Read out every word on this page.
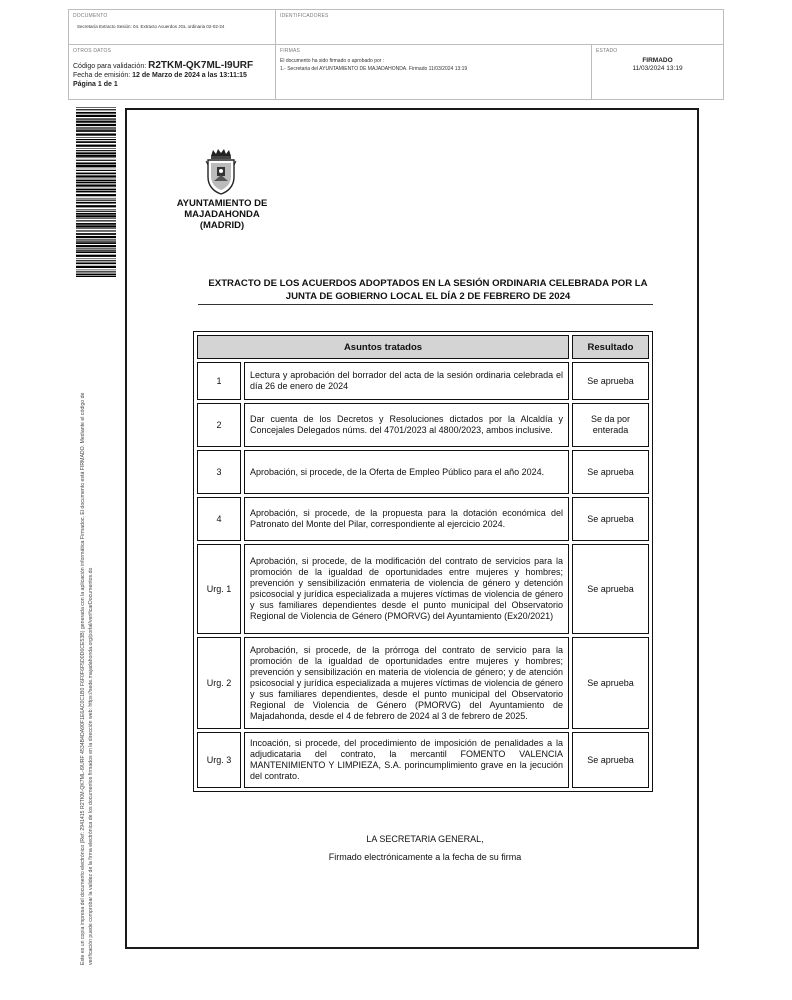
DOCUMENTO
Secretaría Extracto Sesión: 04. Extracto Acuerdos JGL ordinaria 02-02-24
IDENTIFICADORES
OTROS DATOS
Código para validación: R2TKM-QK7ML-I9URF
Fecha de emisión: 12 de Marzo de 2024 a las 13:11:15
Página 1 de 1
FIRMAS
El documento ha sido firmado o aprobado por :
1.- Secretaria del AYUNTAMIENTO DE MAJADAHONDA. Firmado 11/03/2024 13:19
ESTADO
FIRMADO
11/03/2024 13:19
Este es un copia impresa del documento electrónico (Ref: 2941415 R2TKM-QK7ML-I9URF 4534B4DA90F1E6AC0C1B0 F6F0F6F5D0D6CE53B) generada con la aplicación informática Firmadoc. El documento está FIRMADO. Mediante el código de verificación puede comprobar la validez de la firma electrónica de los documentos firmados en la dirección web: https://sede.majadahonda.org/portal/verificarDocumentos.do
AYUNTAMIENTO DE
MAJADAHONDA
(MADRID)
EXTRACTO DE LOS ACUERDOS ADOPTADOS EN LA SESIÓN ORDINARIA CELEBRADA POR LA
JUNTA DE GOBIERNO LOCAL EL DÍA 2 DE FEBRERO DE 2024
Asuntos tratados		Resultado
1	Lectura y aprobación del borrador del acta de la sesión ordinaria celebrada el día 26 de enero de 2024	Se aprueba
2	Dar cuenta de los Decretos y Resoluciones dictados por la Alcaldía y Concejales Delegados núms. del 4701/2023 al 4800/2023, ambos inclusive.	Se da por enterada
3	Aprobación, si procede, de la Oferta de Empleo Público para el año 2024.	Se aprueba
4	Aprobación, si procede, de la propuesta para la dotación económica del Patronato del Monte del Pilar, correspondiente al ejercicio 2024.	Se aprueba
Urg. 1	Aprobación, si procede, de la modificación del contrato de servicios para la promoción de la igualdad de oportunidades entre mujeres y hombres; prevención y sensibilización enmateria de violencia de género y detención psicosocial y jurídica especializada a mujeres víctimas de violencia de género y sus familiares dependientes desde el punto municipal del Observatorio Regional de Violencia de Género (PMORVG) del Ayuntamiento (Ex20/2021)	Se aprueba
Urg. 2	Aprobación, si procede, de la prórroga del contrato de servicio para la promoción de la igualdad de oportunidades entre mujeres y hombres; prevención y sensibilización en materia de violencia de género; y de atención psicosocial y jurídica especializada a mujeres víctimas de violencia de género y sus familiares dependientes, desde el punto municipal del Observatorio Regional de Violencia de Género (PMORVG) del Ayuntamiento de Majadahonda, desde el 4 de febrero de 2024 al 3 de febrero de 2025.	Se aprueba
Urg. 3	Incoación, si procede, del procedimiento de imposición de penalidades a la adjudicataria del contrato, la mercantil FOMENTO VALENCIA MANTENIMIENTO Y LIMPIEZA, S.A. porincumplimiento grave en la jecución del contrato.	Se aprueba
LA SECRETARIA GENERAL,
Firmado electrónicamente a la fecha de su firma
